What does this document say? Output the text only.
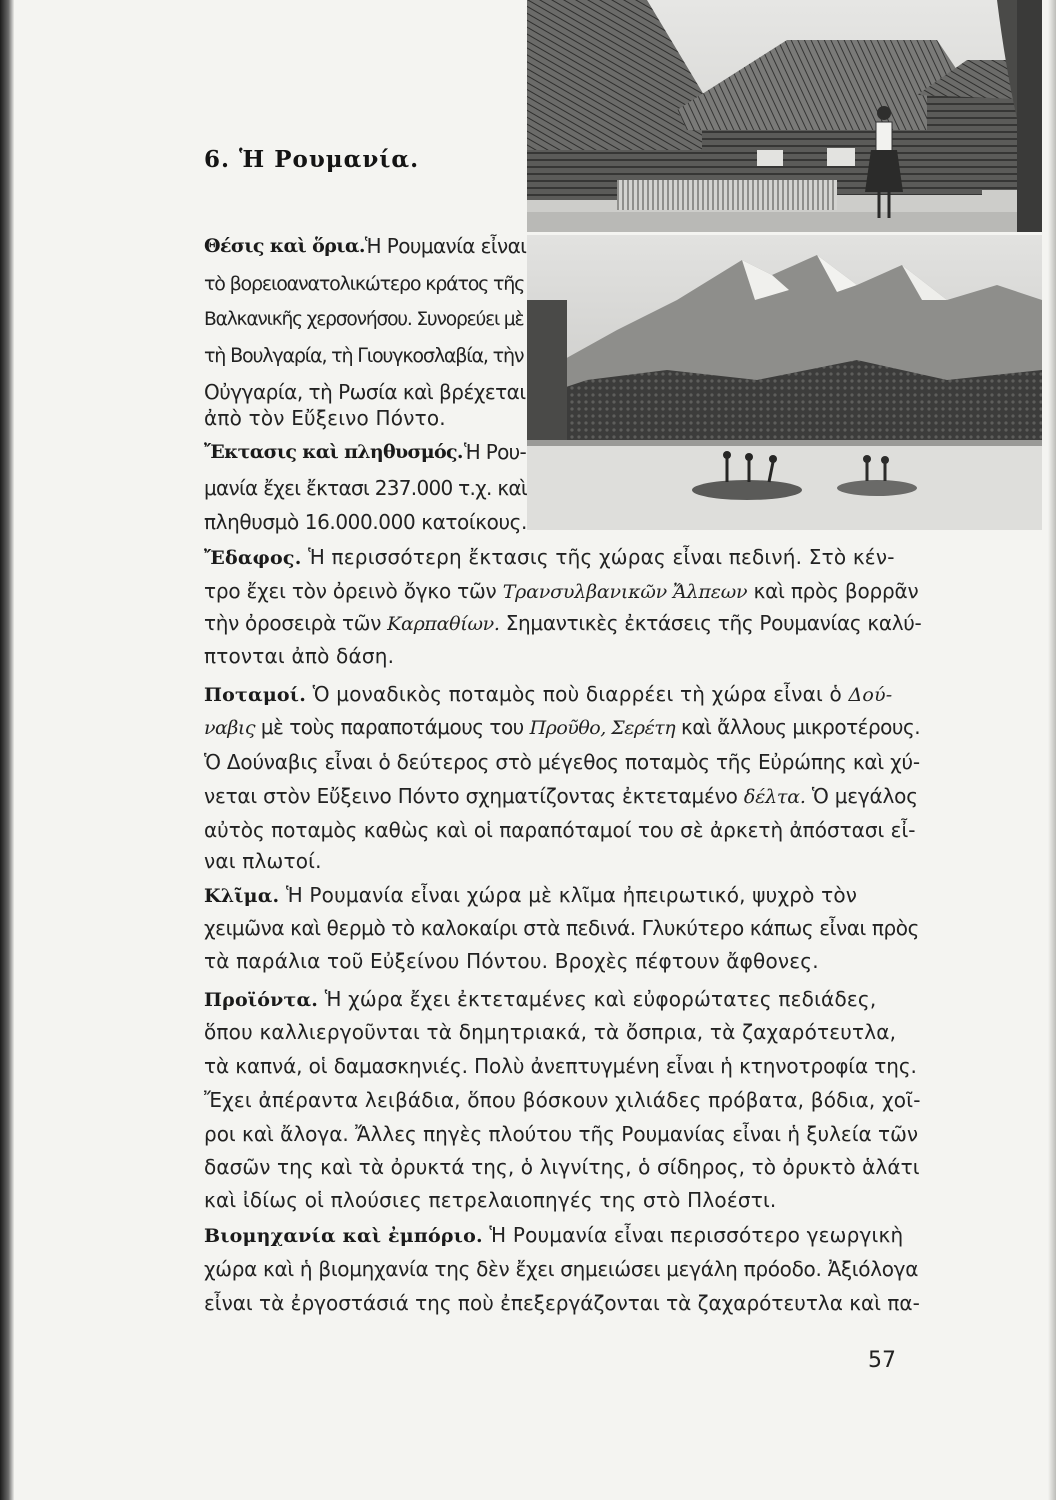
6. Ἡ Ρουμανία.

Θέσις καὶ ὅρια. Ἡ Ρουμανία εἶναι

τὸ βορειοανατολικώτερο κράτος τῆς

Βαλκανικῆς χερσονήσου. Συνορεύει μὲ

τὴ Βουλγαρία, τὴ Γιουγκοσλαβία, τὴν

Οὐγγαρία, τὴ Ρωσία καὶ βρέχεται

ἀπὸ τὸν Εὔξεινο Πόντο.

Ἔκτασις καὶ πληθυσμός. Ἡ Ρου-

μανία ἔχει ἔκτασι 237.000 τ.χ. καὶ

πληθυσμὸ 16.000.000 κατοίκους.

Ἔδαφος. Ἡ περισσότερη ἔκτασις τῆς χώρας εἶναι πεδινή. Στὸ κέν-

τρο ἔχει τὸν ὀρεινὸ ὄγκο τῶν Τρανσυλβανικῶν Ἄλπεων καὶ πρὸς βορρᾶν

τὴν ὀροσειρὰ τῶν Καρπαθίων. Σημαντικὲς ἐκτάσεις τῆς Ρουμανίας καλύ-

πτονται ἀπὸ δάση.

Ποταμοί. Ὁ μοναδικὸς ποταμὸς ποὺ διαρρέει τὴ χώρα εἶναι ὁ Δού-

ναβις μὲ τοὺς παραποτάμους του Προῦθο, Σερέτη καὶ ἄλλους μικροτέρους.

Ὁ Δούναβις εἶναι ὁ δεύτερος στὸ μέγεθος ποταμὸς τῆς Εὐρώπης καὶ χύ-

νεται στὸν Εὔξεινο Πόντο σχηματίζοντας ἐκτεταμένο δέλτα. Ὁ μεγάλος

αὐτὸς ποταμὸς καθὼς καὶ οἱ παραπόταμοί του σὲ ἀρκετὴ ἀπόστασι εἶ-

ναι πλωτοί.

Κλῖμα. Ἡ Ρουμανία εἶναι χώρα μὲ κλῖμα ἠπειρωτικό, ψυχρὸ τὸν

χειμῶνα καὶ θερμὸ τὸ καλοκαίρι στὰ πεδινά. Γλυκύτερο κάπως εἶναι πρὸς

τὰ παράλια τοῦ Εὐξείνου Πόντου. Βροχὲς πέφτουν ἄφθονες.

Προϊόντα. Ἡ χώρα ἔχει ἐκτεταμένες καὶ εὐφορώτατες πεδιάδες,

ὅπου καλλιεργοῦνται τὰ δημητριακά, τὰ ὄσπρια, τὰ ζαχαρότευτλα,

τὰ καπνά, οἱ δαμασκηνιές. Πολὺ ἀνεπτυγμένη εἶναι ἡ κτηνοτροφία της.

Ἔχει ἀπέραντα λειβάδια, ὅπου βόσκουν χιλιάδες πρόβατα, βόδια, χοῖ-

ροι καὶ ἄλογα. Ἄλλες πηγὲς πλούτου τῆς Ρουμανίας εἶναι ἡ ξυλεία τῶν

δασῶν της καὶ τὰ ὀρυκτά της, ὁ λιγνίτης, ὁ σίδηρος, τὸ ὀρυκτὸ ἁλάτι

καὶ ἰδίως οἱ πλούσιες πετρελαιοπηγές της στὸ Πλοέστι.

Βιομηχανία καὶ ἐμπόριο. Ἡ Ρουμανία εἶναι περισσότερο γεωργικὴ

χώρα καὶ ἡ βιομηχανία της δὲν ἔχει σημειώσει μεγάλη πρόοδο. Ἀξιόλογα

εἶναι τὰ ἐργοστάσιά της ποὺ ἐπεξεργάζονται τὰ ζαχαρότευτλα καὶ πα-

57
